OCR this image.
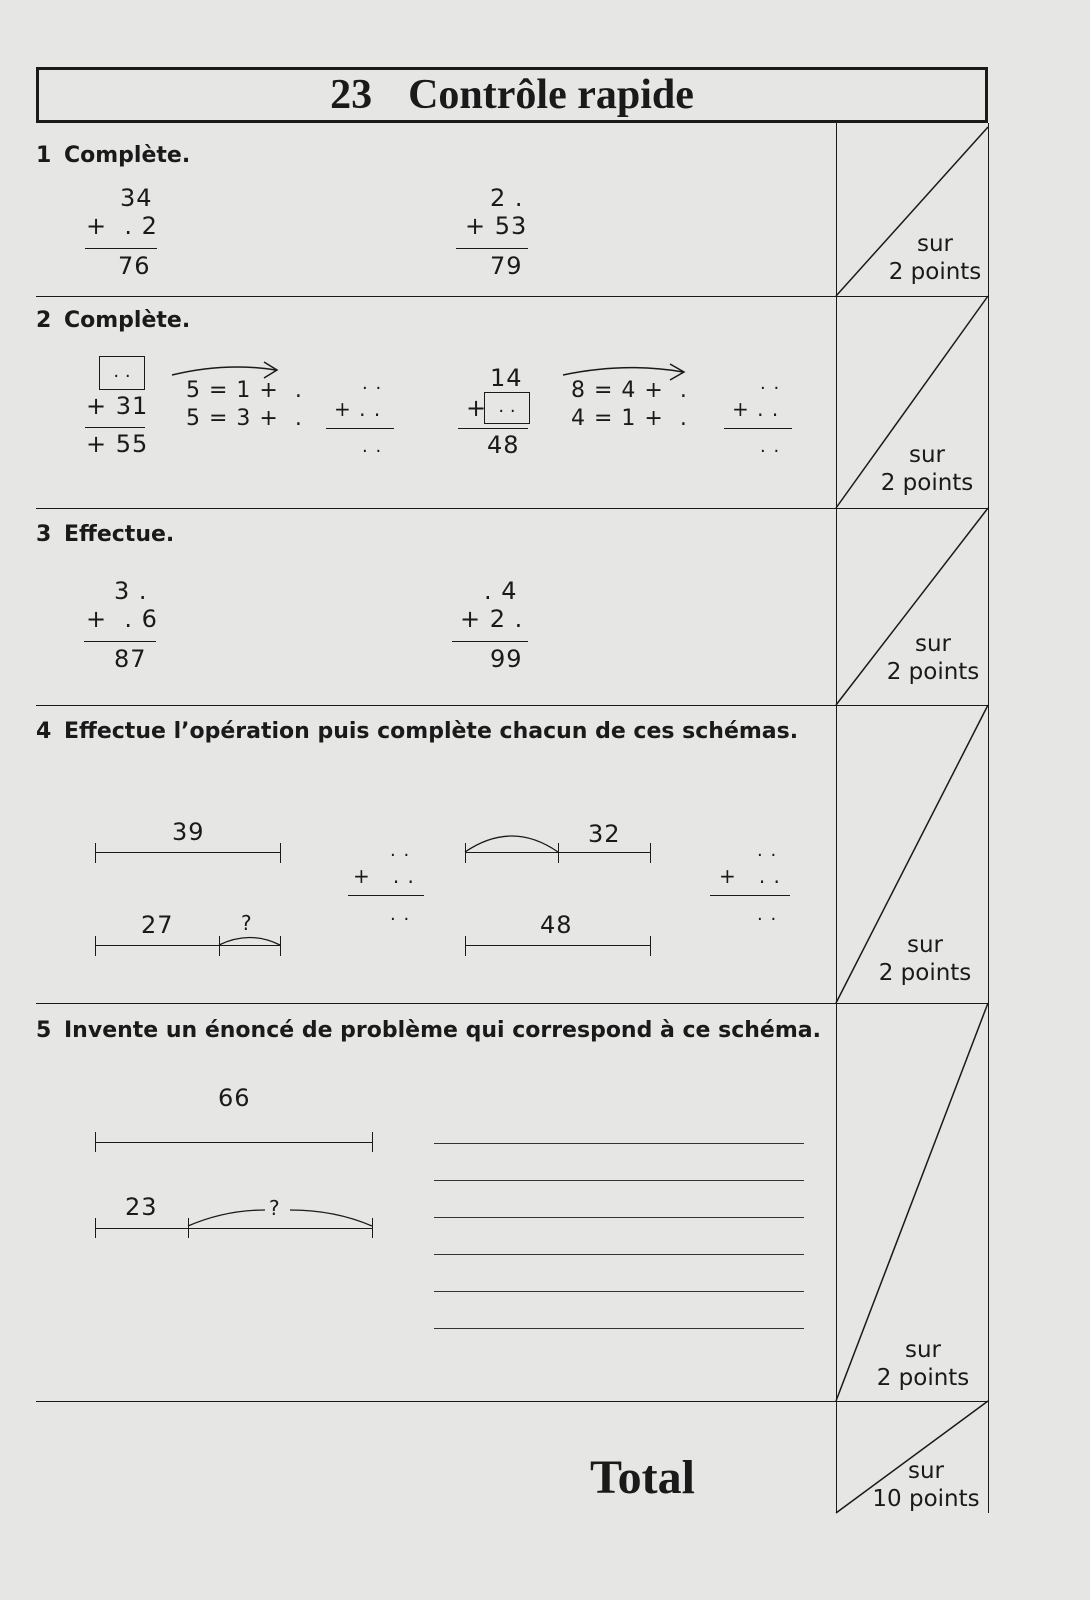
23 Contrôle rapide
1 Complète.
2 Complète.
3 Effectue.
4 Effectue l’opération puis complète chacun de ces schémas.
5 Invente un énoncé de problème qui correspond à ce schéma.
34
+  . 2
76
2 .
+ 53
79
. .
+ 31
+ 55
5 = 1 +  .
5 = 3 +  .
. .
+ . .
. .
14
+ . .
48
8 = 4 +  .
4 = 1 +  .
. .
+ . .
. .
3 .
+  . 6
87
. 4
+ 2 .
99
39
27	?
. .
+   . .
. .
32
48
. .
+   . .
. .
66
23	?
sur
2 points
sur
2 points
sur
2 points
sur
2 points
sur
2 points
sur
10 points
Total
